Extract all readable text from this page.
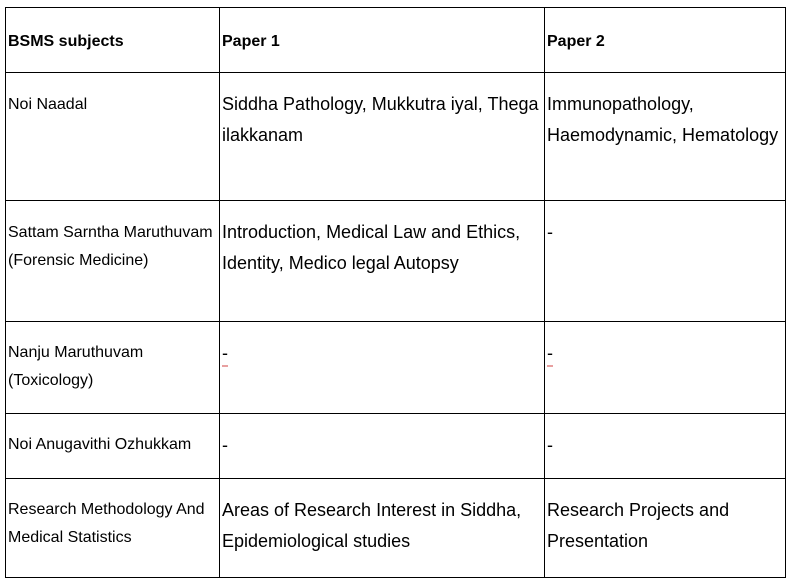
BSMS subjects	Paper 1	Paper 2

Noi Naadal	Siddha Pathology, Mukkutra iyal, Thega ilakkanam	Immunopathology, Haemodynamic, Hematology

Sattam Sarntha Maruthuvam (Forensic Medicine)	Introduction, Medical Law and Ethics, Identity, Medico legal Autopsy	-

Nanju Maruthuvam (Toxicology)	-	-

Noi Anugavithi Ozhukkam	-	-

Research Methodology And Medical Statistics	Areas of Research Interest in Siddha, Epidemiological studies	Research Projects and Presentation
